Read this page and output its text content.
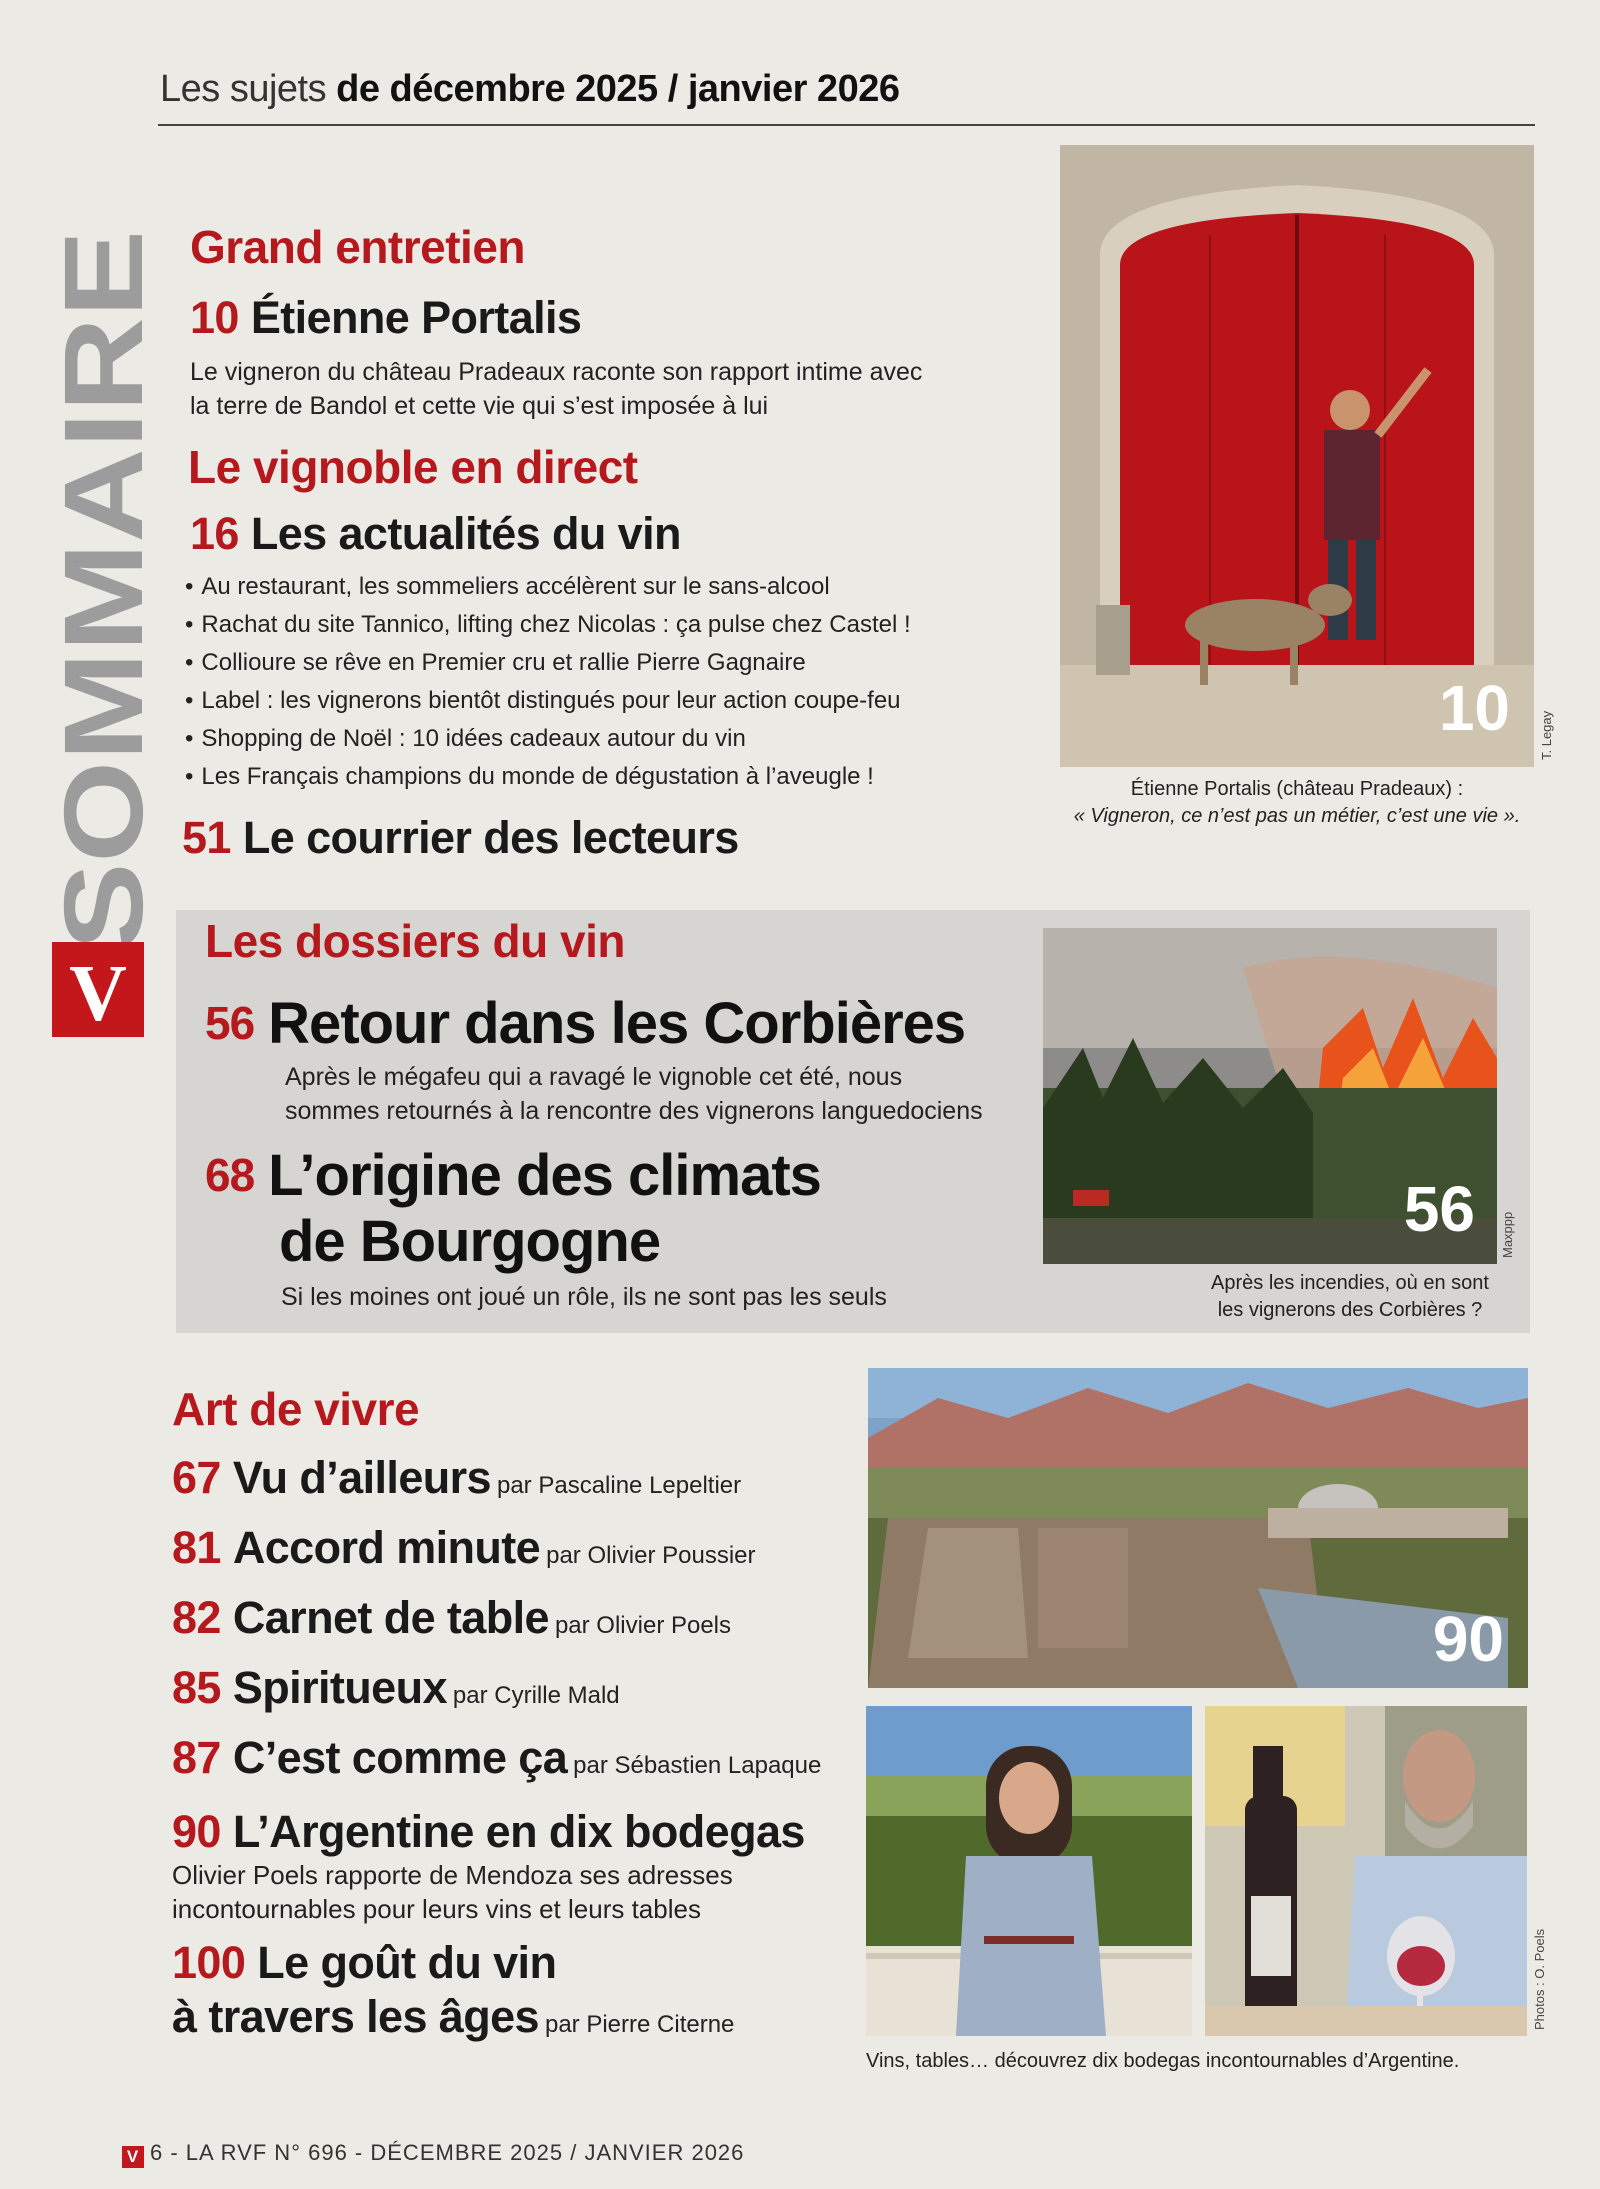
Les sujets de décembre 2025 / janvier 2026
SOMMAIRE
V
Grand entretien
10 Étienne Portalis
Le vigneron du château Pradeaux raconte son rapport intime avec
la terre de Bandol et cette vie qui s’est imposée à lui
Le vignoble en direct
16 Les actualités du vin
• Au restaurant, les sommeliers accélèrent sur le sans-alcool
• Rachat du site Tannico, lifting chez Nicolas : ça pulse chez Castel !
• Collioure se rêve en Premier cru et rallie Pierre Gagnaire
• Label : les vignerons bientôt distingués pour leur action coupe-feu
• Shopping de Noël : 10 idées cadeaux autour du vin
• Les Français champions du monde de dégustation à l’aveugle !
51 Le courrier des lecteurs
Les dossiers du vin
56 Retour dans les Corbières
Après le mégafeu qui a ravagé le vignoble cet été, nous
sommes retournés à la rencontre des vignerons languedociens
68 L’origine des climats
de Bourgogne
Si les moines ont joué un rôle, ils ne sont pas les seuls
Art de vivre
67 Vu d’ailleurs par Pascaline Lepeltier
81 Accord minute par Olivier Poussier
82 Carnet de table par Olivier Poels
85 Spiritueux par Cyrille Mald
87 C’est comme ça par Sébastien Lapaque
90 L’Argentine en dix bodegas
Olivier Poels rapporte de Mendoza ses adresses
incontournables pour leurs vins et leurs tables
100 Le goût du vin
à travers les âges par Pierre Citerne
10 T. Legay
Étienne Portalis (château Pradeaux) :
« Vigneron, ce n’est pas un métier, c’est une vie ».
56 Maxppp
Après les incendies, où en sont
les vignerons des Corbières ?
90
Photos : O. Poels
Vins, tables… découvrez dix bodegas incontournables d’Argentine.
V 6 - LA RVF N° 696 - DÉCEMBRE 2025 / JANVIER 2026
